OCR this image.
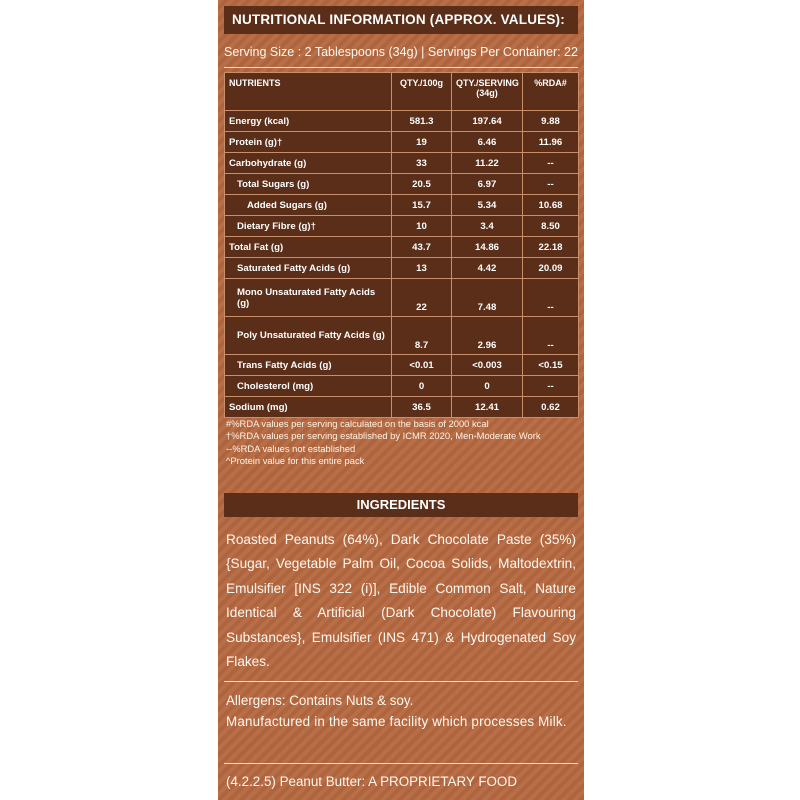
NUTRITIONAL INFORMATION (APPROX. VALUES):
Serving Size : 2 Tablespoons (34g) | Servings Per Container: 22
NUTRIENTS	QTY./100g	QTY./SERVING (34g)	%RDA#
Energy (kcal)	581.3	197.64	9.88
Protein (g)†	19	6.46	11.96
Carbohydrate (g)	33	11.22	--
Total Sugars (g)	20.5	6.97	--
Added Sugars (g)	15.7	5.34	10.68
Dietary Fibre (g)†	10	3.4	8.50
Total Fat (g)	43.7	14.86	22.18
Saturated Fatty Acids (g)	13	4.42	20.09
Mono Unsaturated Fatty Acids (g)	22	7.48	--
Poly Unsaturated Fatty Acids (g)	8.7	2.96	--
Trans Fatty Acids (g)	<0.01	<0.003	<0.15
Cholesterol (mg)	0	0	--
Sodium (mg)	36.5	12.41	0.62
#%RDA values per serving calculated on the basis of 2000 kcal
†%RDA values per serving established by ICMR 2020, Men-Moderate Work
--%RDA values not established
^Protein value for this entire pack
INGREDIENTS
Roasted Peanuts (64%), Dark Chocolate Paste (35%) {Sugar, Vegetable Palm Oil, Cocoa Solids, Maltodextrin, Emulsifier [INS 322 (i)], Edible Common Salt, Nature Identical & Artificial (Dark Chocolate) Flavouring Substances}, Emulsifier (INS 471) & Hydrogenated Soy Flakes.
Allergens: Contains Nuts & soy.
Manufactured in the same facility which processes Milk.
(4.2.2.5) Peanut Butter: A PROPRIETARY FOOD
